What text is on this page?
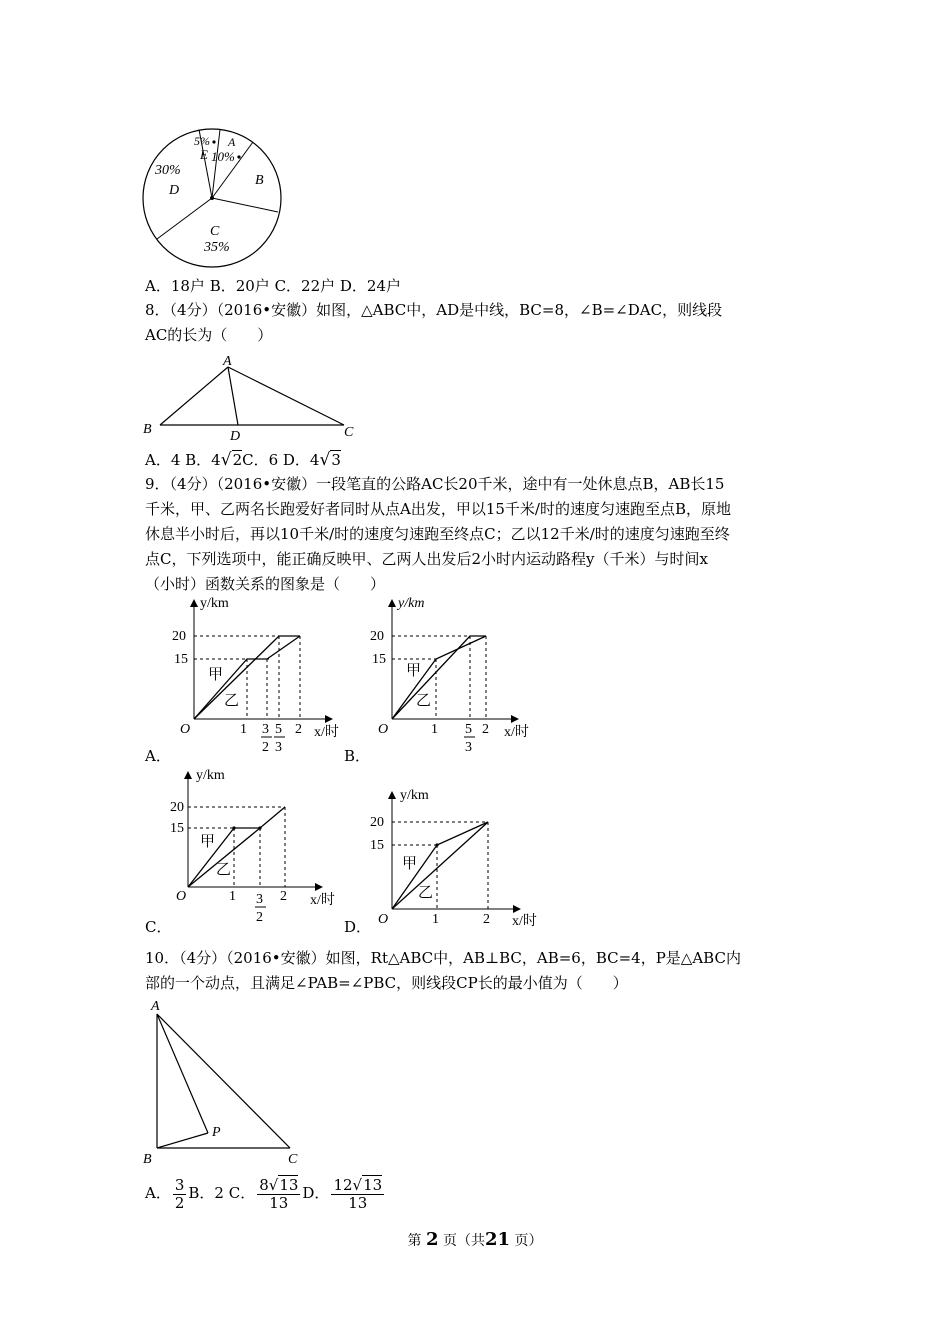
5%
E
A
10%
B
30%
D
C
35%
A．18户 B．20户 C．22户 D．24户
8．（4分）（2016•安徽）如图，△ABC中，AD是中线，BC=8，∠B=∠DAC，则线段
AC的长为（　　）
A
B	C
D
A．4 B．4√2C．6 D．4√3
9．（4分）（2016•安徽）一段笔直的公路AC长20千米，途中有一处休息点B，AB长15
千米，甲、乙两名长跑爱好者同时从点A出发，甲以15千米/时的速度匀速跑至点B，原地
休息半小时后，再以10千米/时的速度匀速跑至终点C；乙以12千米/时的速度匀速跑至终
点C，下列选项中，能正确反映甲、乙两人出发后2小时内运动路程y（千米）与时间x
（小时）函数关系的图象是（　　）
y/km
20
15
甲
乙
O	1 3
2
5
3
2 x/时
A．
y/km
20
15
甲
乙
O	1 5
3
2 x/时
B．
y/km
20
15
甲
乙
O	1 3
2
2 x/时
C．
y/km
20
15
甲
乙
O	1	2 x/时
D．
10．（4分）（2016•安徽）如图，Rt△ABC中，AB⊥BC，AB=6，BC=4，P是△ABC内
部的一个动点，且满足∠PAB=∠PBC，则线段CP长的最小值为（　　）
A
B	C
P
A． $\frac{3}{2}$ B．2 C． $\frac{8√13}{13}$ D． $\frac{12√13}{13}$
第 2 页（共21 页）
